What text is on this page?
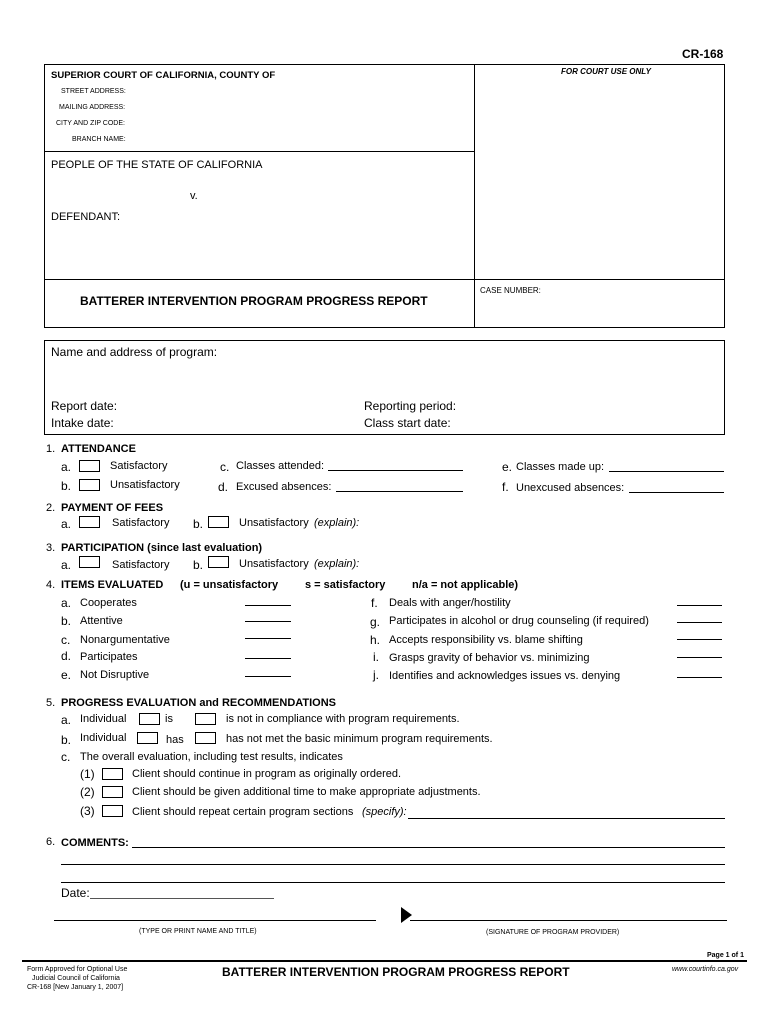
CR-168
FOR COURT USE ONLY
SUPERIOR COURT OF CALIFORNIA, COUNTY OF
STREET ADDRESS:
MAILING ADDRESS:
CITY AND ZIP CODE:
BRANCH NAME:
PEOPLE OF THE STATE OF CALIFORNIA
v.
DEFENDANT:
BATTERER INTERVENTION PROGRAM PROGRESS REPORT
CASE NUMBER:
Name and address of program:
Report date:
Intake date:
Reporting period:
Class start date:
1. ATTENDANCE
a.	Satisfactory
b.	Unsatisfactory
c. Classes attended:
d. Excused absences:
e. Classes made up:
f. Unexcused absences:
2. PAYMENT OF FEES
a.	Satisfactory b.	Unsatisfactory (explain):
3. PARTICIPATION (since last evaluation)
a.	Satisfactory b.	Unsatisfactory (explain):
4. ITEMS EVALUATED (u = unsatisfactory s = satisfactory n/a = not applicable)
a. Cooperates
b. Attentive
c. Nonargumentative
d. Participates
e. Not Disruptive
f. Deals with anger/hostility
g. Participates in alcohol or drug counseling (if required)
h. Accepts responsibility vs. blame shifting
i. Grasps gravity of behavior vs. minimizing
j. Identifies and acknowledges issues vs. denying
5. PROGRESS EVALUATION and RECOMMENDATIONS
a. Individual	is	is not in compliance with program requirements.
b. Individual	has	has not met the basic minimum program requirements.
c. The overall evaluation, including test results, indicates
(1)	Client should continue in program as originally ordered.
(2)	Client should be given additional time to make appropriate adjustments.
(3)	Client should repeat certain program sections (specify):
6. COMMENTS:
Date:
(TYPE OR PRINT NAME AND TITLE)	(SIGNATURE OF PROGRAM PROVIDER)
Page 1 of 1
Form Approved for Optional Use
Judicial Council of California
CR-168 [New January 1, 2007]
BATTERER INTERVENTION PROGRAM PROGRESS REPORT	www.courtinfo.ca.gov
